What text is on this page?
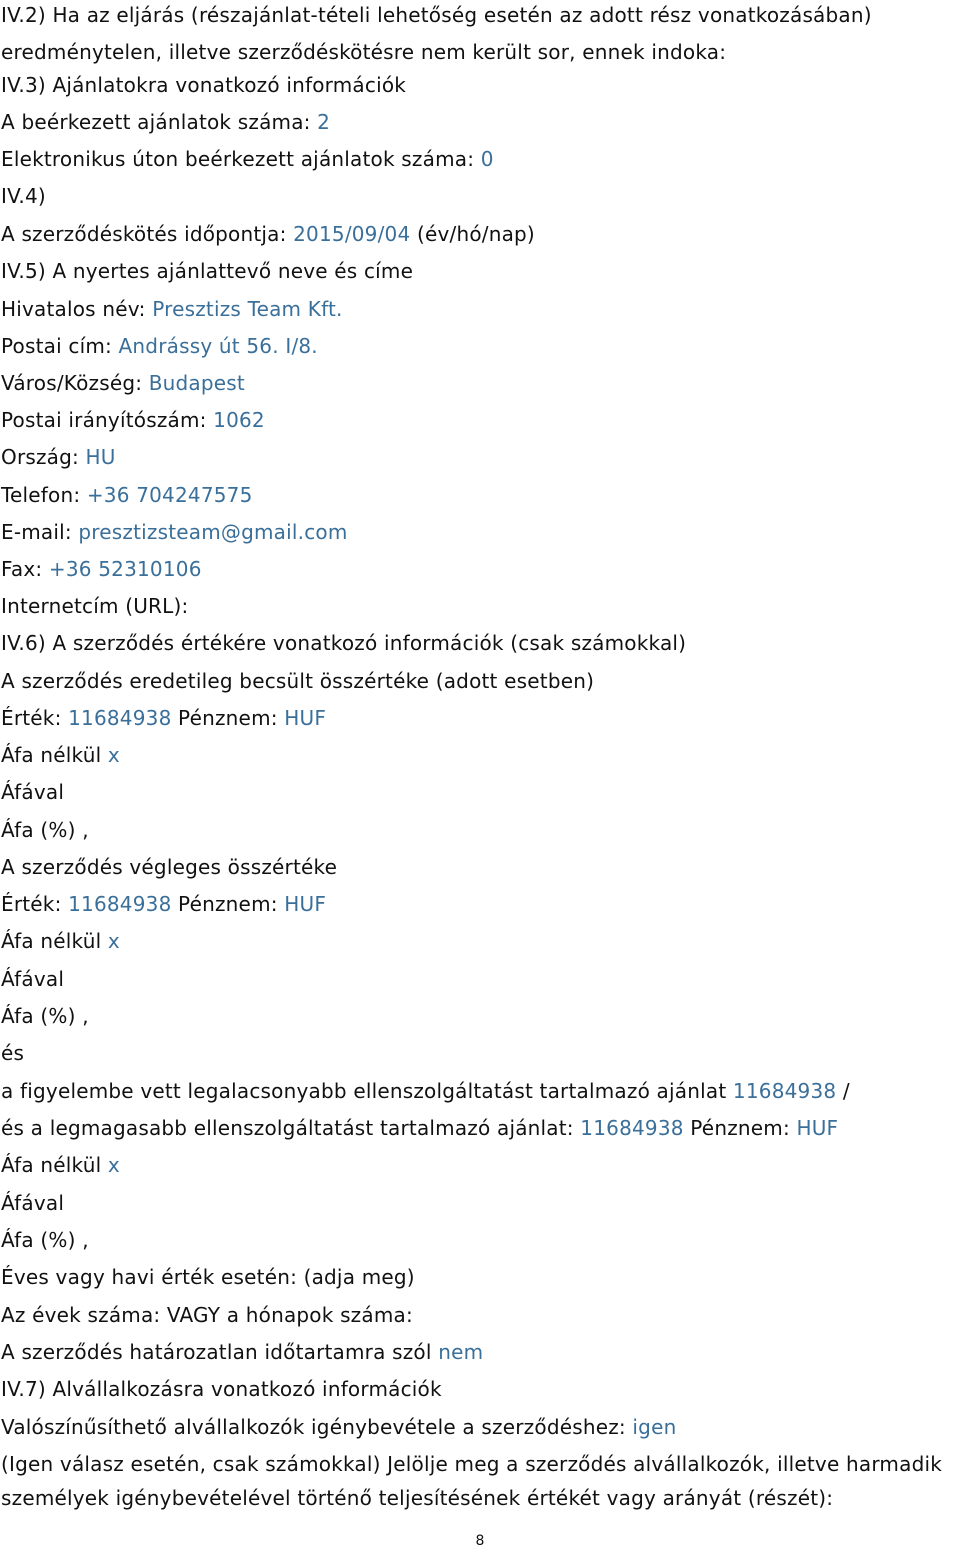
IV.2) Ha az eljárás (részajánlat-tételi lehetőség esetén az adott rész vonatkozásában)
eredménytelen, illetve szerződéskötésre nem került sor, ennek indoka:
IV.3) Ajánlatokra vonatkozó információk
A beérkezett ajánlatok száma: 2
Elektronikus úton beérkezett ajánlatok száma: 0
IV.4)
A szerződéskötés időpontja: 2015/09/04 (év/hó/nap)
IV.5) A nyertes ajánlattevő neve és címe
Hivatalos név: Presztizs Team Kft.
Postai cím: Andrássy út 56. I/8.
Város/Község: Budapest
Postai irányítószám: 1062
Ország: HU
Telefon: +36 704247575
E-mail: presztizsteam@gmail.com
Fax: +36 52310106
Internetcím (URL):
IV.6) A szerződés értékére vonatkozó információk (csak számokkal)
A szerződés eredetileg becsült összértéke (adott esetben)
Érték: 11684938 Pénznem: HUF
Áfa nélkül x
Áfával
Áfa (%) ,
A szerződés végleges összértéke
Érték: 11684938 Pénznem: HUF
Áfa nélkül x
Áfával
Áfa (%) ,
és
a figyelembe vett legalacsonyabb ellenszolgáltatást tartalmazó ajánlat 11684938 /
és a legmagasabb ellenszolgáltatást tartalmazó ajánlat: 11684938 Pénznem: HUF
Áfa nélkül x
Áfával
Áfa (%) ,
Éves vagy havi érték esetén: (adja meg)
Az évek száma: VAGY a hónapok száma:
A szerződés határozatlan időtartamra szól nem
IV.7) Alvállalkozásra vonatkozó információk
Valószínűsíthető alvállalkozók igénybevétele a szerződéshez: igen
(Igen válasz esetén, csak számokkal) Jelölje meg a szerződés alvállalkozók, illetve harmadik
személyek igénybevételével történő teljesítésének értékét vagy arányát (részét):
8
